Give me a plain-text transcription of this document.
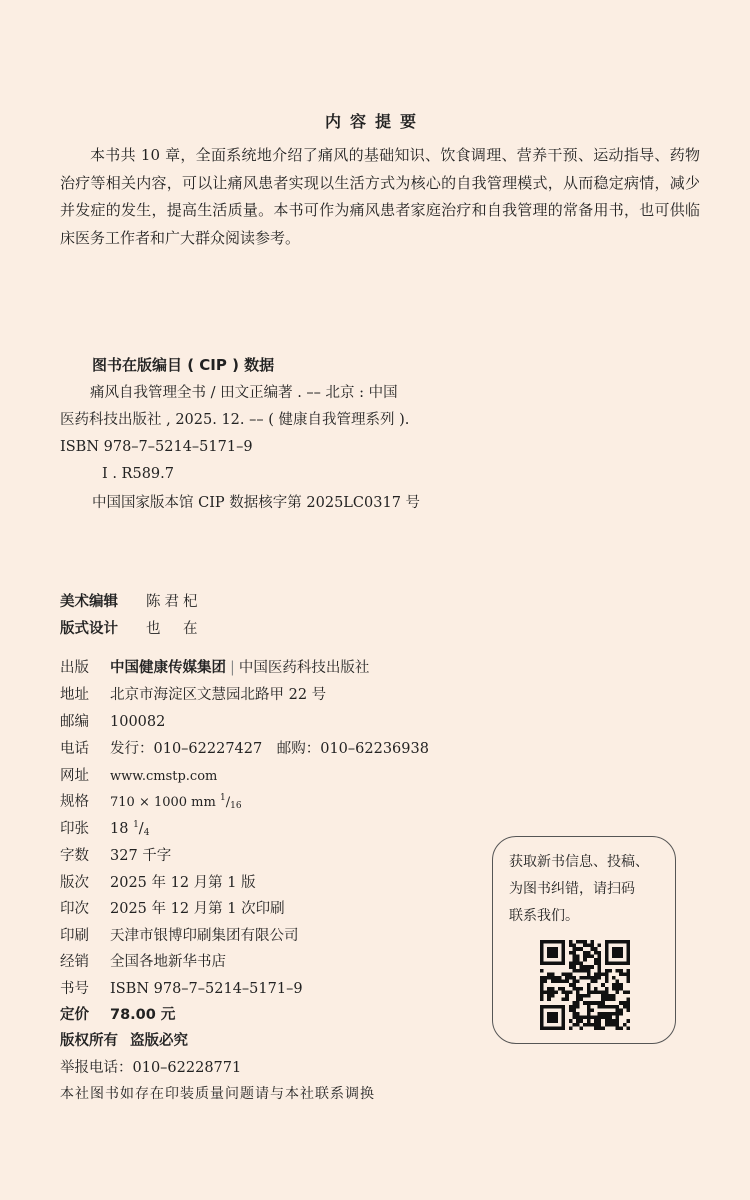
内容提要
本书共 10 章，全面系统地介绍了痛风的基础知识、饮食调理、营养干预、运动指导、药物治疗等相关内容，可以让痛风患者实现以生活方式为核心的自我管理模式，从而稳定病情，减少并发症的发生，提高生活质量。本书可作为痛风患者家庭治疗和自我管理的常备用书，也可供临床医务工作者和广大群众阅读参考。
图书在版编目 ( CIP ) 数据
痛风自我管理全书 / 田文正编著 . –– 北京 : 中国
医药科技出版社 , 2025. 12. –– ( 健康自我管理系列 ).
ISBN 978–7–5214–5171–9
Ⅰ . R589.7
中国国家版本馆 CIP 数据核字第 2025LC0317 号
美术编辑 陈君杞
版式设计 也　在
出版 中国健康传媒集团 | 中国医药科技出版社
地址 北京市海淀区文慧园北路甲 22 号
邮编 100082
电话 发行：010–62227427　邮购：010–62236938
网址 www.cmstp.com
规格 710 × 1000 mm $^1/_{16}$
印张 18 $^1/_4$
字数 327 千字
版次 2025 年 12 月第 1 版
印次 2025 年 12 月第 1 次印刷
印刷 天津市银博印刷集团有限公司
经销 全国各地新华书店
书号 ISBN 978–7–5214–5171–9
定价 78.00 元
版权所有 盗版必究
举报电话：010–62228771
获取新书信息、投稿、
为图书纠错，请扫码
联系我们。
本社图书如存在印装质量问题请与本社联系调换
